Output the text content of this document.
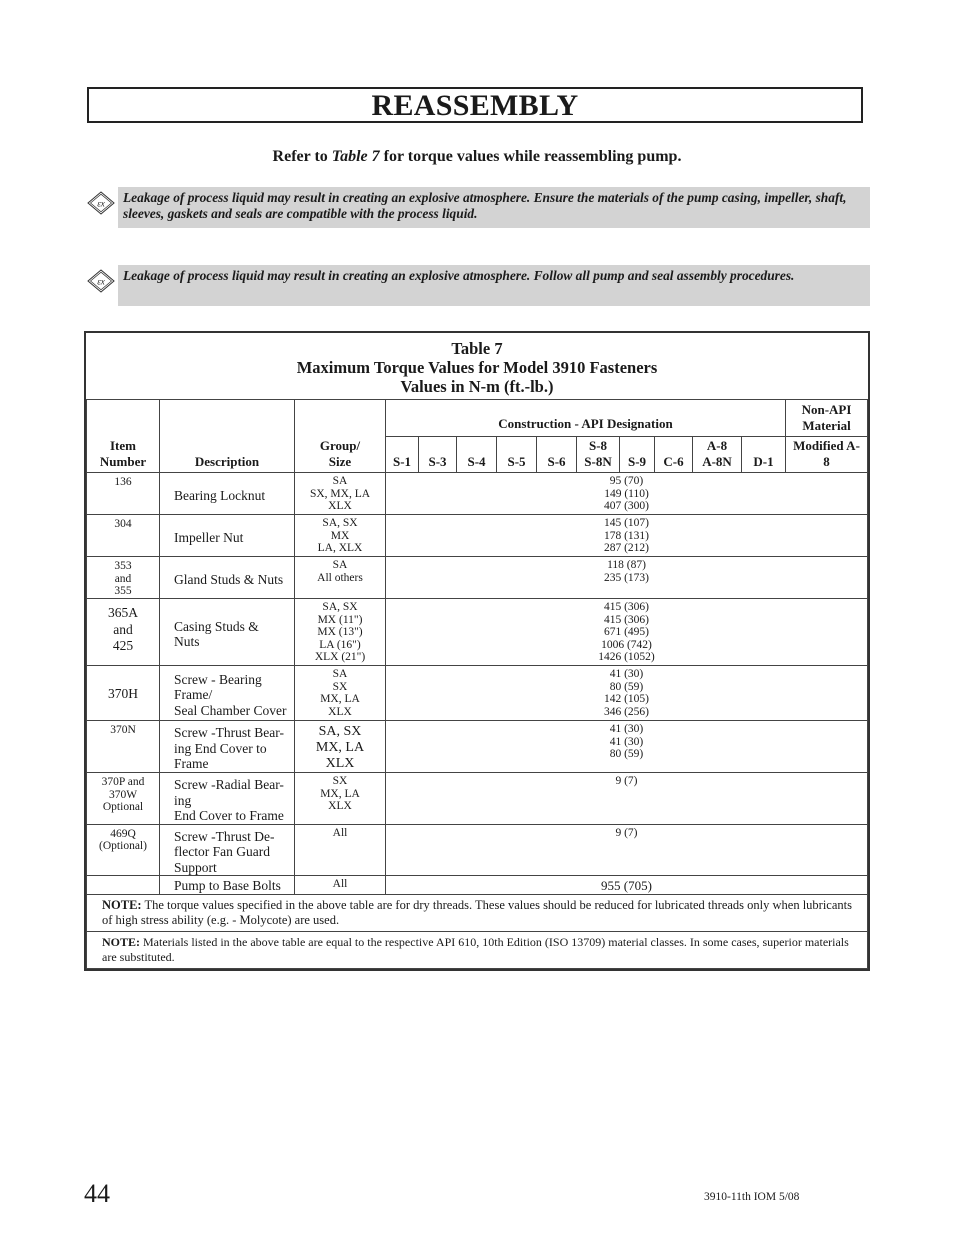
REASSEMBLY
Refer to Table 7 for torque values while reassembling pump.
εx	Leakage of process liquid may result in creating an explosive atmosphere. Ensure the materials of the pump casing, impeller, shaft, sleeves, gaskets and seals are compatible with the process liquid.
εx	Leakage of process liquid may result in creating an explosive atmosphere. Follow all pump and seal assembly procedures.
Table 7
Maximum Torque Values for Model 3910 Fasteners
Values in N-m (ft.-lb.)													

Item Number	Description	Group/ Size	Construction - API Designation										Non-API Material

			S-1	S-3	S-4	S-5	S-6	S-8 S-8N	S-9	C-6	A-8 A-8N	D-1	Modified A-8

136	Bearing Locknut	SA
SX, MX, LA
XLX	95 (70)
149 (110)
407 (300)										
304	Impeller Nut	SA, SX
MX
LA, XLX	145 (107)
178 (131)
287 (212)										
353
and
355	Gland Studs & Nuts	SA
All others	118 (87)
235 (173)										
365A
and
425	Casing Studs &
Nuts	SA, SX
MX (11")
MX (13")
LA (16")
XLX (21")	415 (306)
415 (306)
671 (495)
1006 (742)
1426 (1052)										
370H	Screw - Bearing
Frame/
Seal Chamber Cover	SA
SX
MX, LA
XLX	41 (30)
80 (59)
142 (105)
346 (256)										
370N	Screw -Thrust Bear-
ing End Cover to
Frame	SA, SX
MX, LA
XLX	41 (30)
41 (30)
80 (59)										
370P and
370W
Optional	Screw -Radial Bear-
ing
End Cover to Frame	SX
MX, LA
XLX	9 (7)										
469Q
(Optional)	Screw -Thrust De-
flector Fan Guard
Support	All	9 (7)										
	Pump to Base Bolts	All	955 (705)										
NOTE: The torque values specified in the above table are for dry threads. These values should be reduced for lubricated threads only when lubricants of high stress ability (e.g. - Molycote) are used.													
NOTE: Materials listed in the above table are equal to the respective API 610, 10th Edition (ISO 13709) material classes. In some cases, superior materials are substituted.													
44	3910-11th IOM 5/08
